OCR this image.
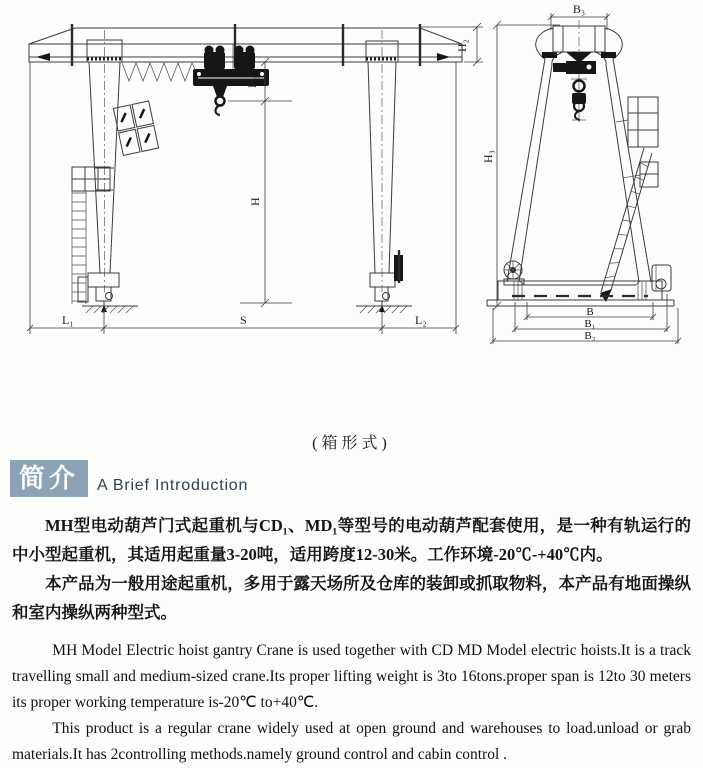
H₁
H
H₂
L₁	S	L₂
B₃
H₃
B
B₁
B₂
(箱形式)
简介	A Brief Introduction

MH型电动葫芦门式起重机与CD₁、MD₁等型号的电动葫芦配套使用，是一种有轨运行的中小型起重机，其适用起重量3-20吨，适用跨度12-30米。工作环境-20℃-+40℃内。

本产品为一般用途起重机，多用于露天场所及仓库的装卸或抓取物料，本产品有地面操纵和室内操纵两种型式。

MH Model Electric hoist gantry Crane is used together with CD MD Model electric hoists.It is a track travelling small and medium-sized crane.Its proper lifting weight is 3to 16tons.proper span is 12to 30 meters its proper working temperature is-20℃ to+40℃.

This product is a regular crane widely used at open ground and warehouses to load.unload or grab materials.It has 2controlling methods.namely ground control and cabin control .
